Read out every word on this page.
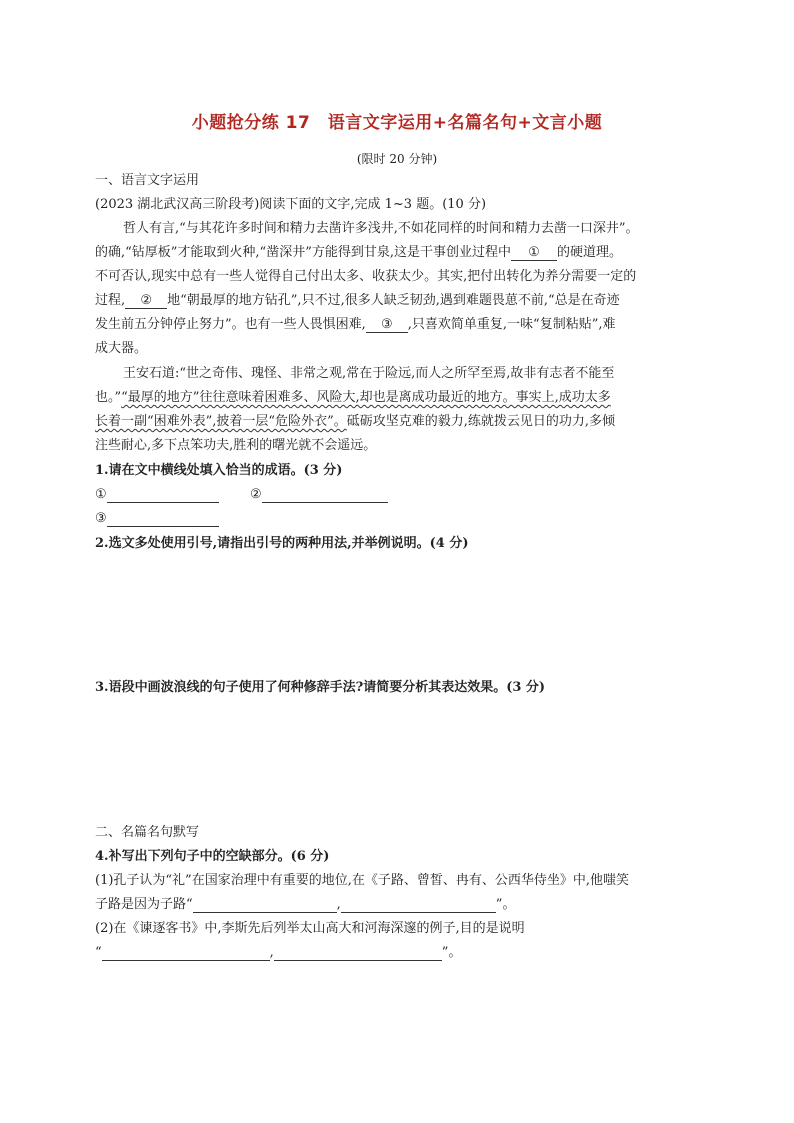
小题抢分练 17　语言文字运用+名篇名句+文言小题
(限时 20 分钟)
一、语言文字运用
(2023 湖北武汉高三阶段考)阅读下面的文字,完成 1~3 题。(10 分)
哲人有言,“与其花许多时间和精力去凿许多浅井,不如花同样的时间和精力去凿一口深井”。
的确,“钻厚板”才能取到火种,“凿深井”方能得到甘泉,这是干事创业过程中 ① 的硬道理。
不可否认,现实中总有一些人觉得自己付出太多、收获太少。其实,把付出转化为养分需要一定的
过程, ② 地“朝最厚的地方钻孔”,只不过,很多人缺乏韧劲,遇到难题畏葸不前,“总是在奇迹
发生前五分钟停止努力”。也有一些人畏惧困难, ③ ,只喜欢简单重复,一味“复制粘贴”,难
成大器。
王安石道:“世之奇伟、瑰怪、非常之观,常在于险远,而人之所罕至焉,故非有志者不能至
也。”“最厚的地方”往往意味着困难多、风险大,却也是离成功最近的地方。事实上,成功太多
长着一副“困难外表”,披着一层“危险外衣”。砥砺攻坚克难的毅力,练就拨云见日的功力,多倾
注些耐心,多下点笨功夫,胜利的曙光就不会遥远。
1.请在文中横线处填入恰当的成语。(3 分)
①	②
③
2.选文多处使用引号,请指出引号的两种用法,并举例说明。(4 分)
3.语段中画波浪线的句子使用了何种修辞手法?请简要分析其表达效果。(3 分)
二、名篇名句默写
4.补写出下列句子中的空缺部分。(6 分)
(1)孔子认为“礼”在国家治理中有重要的地位,在《子路、曾皙、冉有、公西华侍坐》中,他嗤笑
子路是因为子路“	,	”。
(2)在《谏逐客书》中,李斯先后列举太山高大和河海深邃的例子,目的是说明
“	,	”。
